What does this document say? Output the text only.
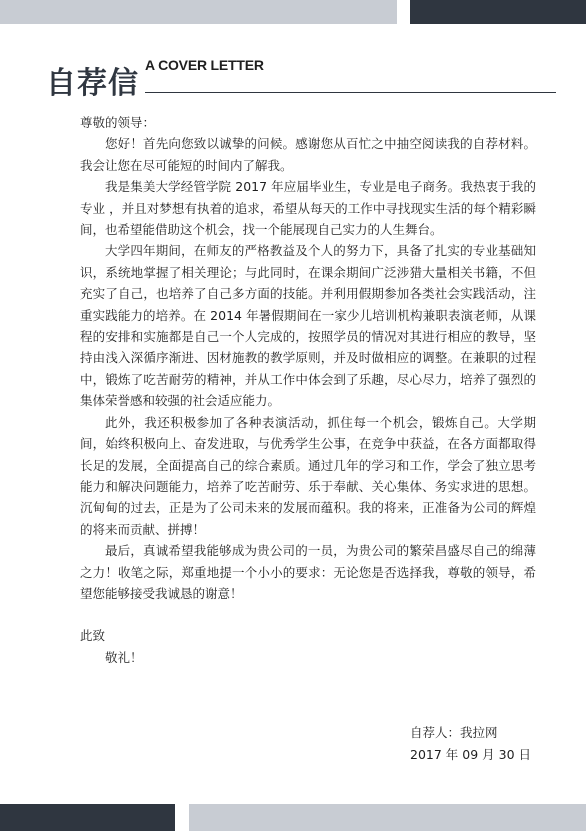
自荐信
A COVER LETTER

尊敬的领导：

您好！首先向您致以诚挚的问候。感谢您从百忙之中抽空阅读我的自荐材料。我会让您在尽可能短的时间内了解我。

我是集美大学经管学院 2017 年应届毕业生，专业是电子商务。我热衷于我的专业 ，并且对梦想有执着的追求，希望从每天的工作中寻找现实生活的每个精彩瞬间，也希望能借助这个机会，找一个能展现自己实力的人生舞台。

大学四年期间，在师友的严格教益及个人的努力下，具备了扎实的专业基础知识，系统地掌握了相关理论；与此同时，在课余期间广泛涉猎大量相关书籍，不但充实了自己，也培养了自己多方面的技能。并利用假期参加各类社会实践活动，注重实践能力的培养。在 2014 年暑假期间在一家少儿培训机构兼职表演老师，从课程的安排和实施都是自己一个人完成的，按照学员的情况对其进行相应的教导，坚持由浅入深循序渐进、因材施教的教学原则，并及时做相应的调整。在兼职的过程中，锻炼了吃苦耐劳的精神，并从工作中体会到了乐趣，尽心尽力，培养了强烈的集体荣誉感和较强的社会适应能力。

此外，我还积极参加了各种表演活动，抓住每一个机会，锻炼自己。大学期间，始终积极向上、奋发进取，与优秀学生公事，在竞争中获益，在各方面都取得长足的发展，全面提高自己的综合素质。通过几年的学习和工作，学会了独立思考能力和解决问题能力，培养了吃苦耐劳、乐于奉献、关心集体、务实求进的思想。沉甸甸的过去，正是为了公司未来的发展而蕴积。我的将来，正准备为公司的辉煌的将来而贡献、拼搏！

最后，真诚希望我能够成为贵公司的一员，为贵公司的繁荣昌盛尽自己的绵薄之力！收笔之际，郑重地提一个小小的要求：无论您是否选择我，尊敬的领导，希望您能够接受我诚恳的谢意！

此致

敬礼！

自荐人：我拉网
2017 年 09 月 30 日
